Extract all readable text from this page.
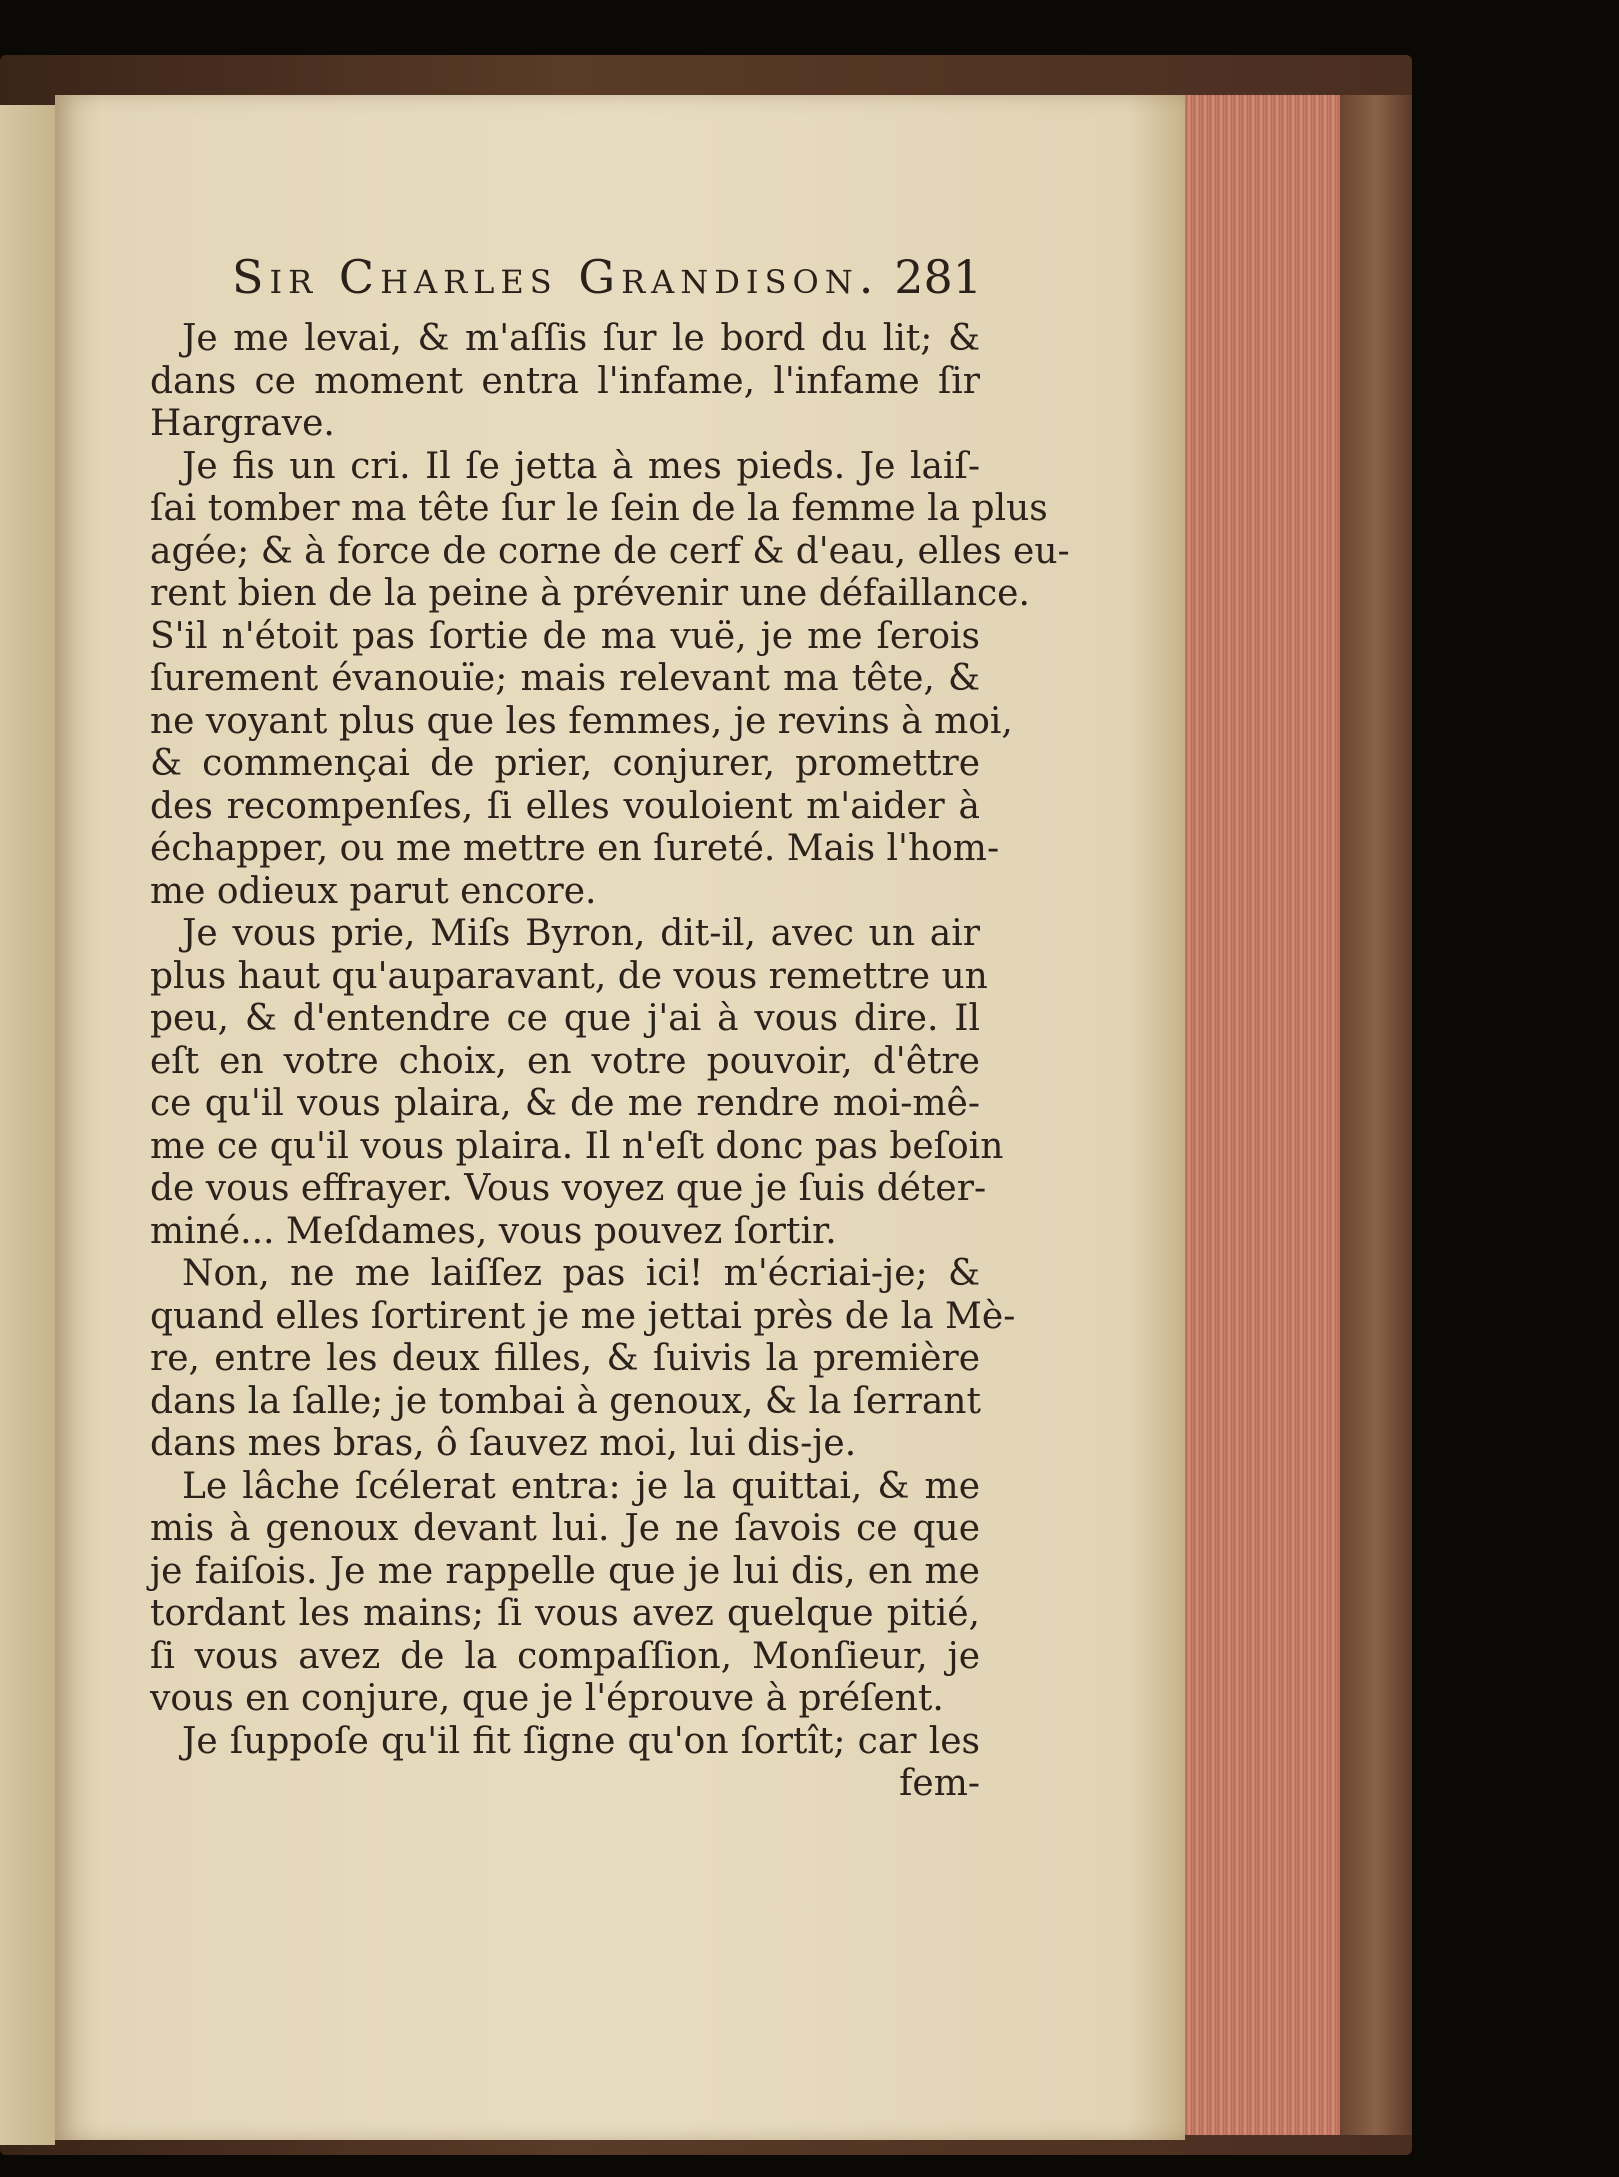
Sir Charles Grandison. 281
Je me levai, & m'aſſis ſur le bord du lit; &
dans ce moment entra l'infame, l'infame ſir
Hargrave.
Je fis un cri. Il ſe jetta à mes pieds. Je laiſ-
ſai tomber ma tête ſur le ſein de la femme la plus
agée; & à force de corne de cerf & d'eau, elles eu-
rent bien de la peine à prévenir une défaillance.
S'il n'étoit pas ſortie de ma vuë, je me ſerois
ſurement évanouïe; mais relevant ma tête, &
ne voyant plus que les femmes, je revins à moi,
& commençai de prier, conjurer, promettre
des recompenſes, ſi elles vouloient m'aider à
échapper, ou me mettre en ſureté. Mais l'hom-
me odieux parut encore.
Je vous prie, Miſs Byron, dit-il, avec un air
plus haut qu'auparavant, de vous remettre un
peu, & d'entendre ce que j'ai à vous dire. Il
eſt en votre choix, en votre pouvoir, d'être
ce qu'il vous plaira, & de me rendre moi-mê-
me ce qu'il vous plaira. Il n'eſt donc pas beſoin
de vous effrayer. Vous voyez que je ſuis déter-
miné... Meſdames, vous pouvez ſortir.
Non, ne me laiſſez pas ici! m'écriai-je; &
quand elles ſortirent je me jettai près de la Mè-
re, entre les deux filles, & ſuivis la première
dans la ſalle; je tombai à genoux, & la ſerrant
dans mes bras, ô ſauvez moi, lui dis-je.
Le lâche ſcélerat entra: je la quittai, & me
mis à genoux devant lui. Je ne ſavois ce que
je faiſois. Je me rappelle que je lui dis, en me
tordant les mains; ſi vous avez quelque pitié,
ſi vous avez de la compaſſion, Monſieur, je
vous en conjure, que je l'éprouve à préſent.
Je ſuppoſe qu'il fit ſigne qu'on ſortît; car les
fem-
